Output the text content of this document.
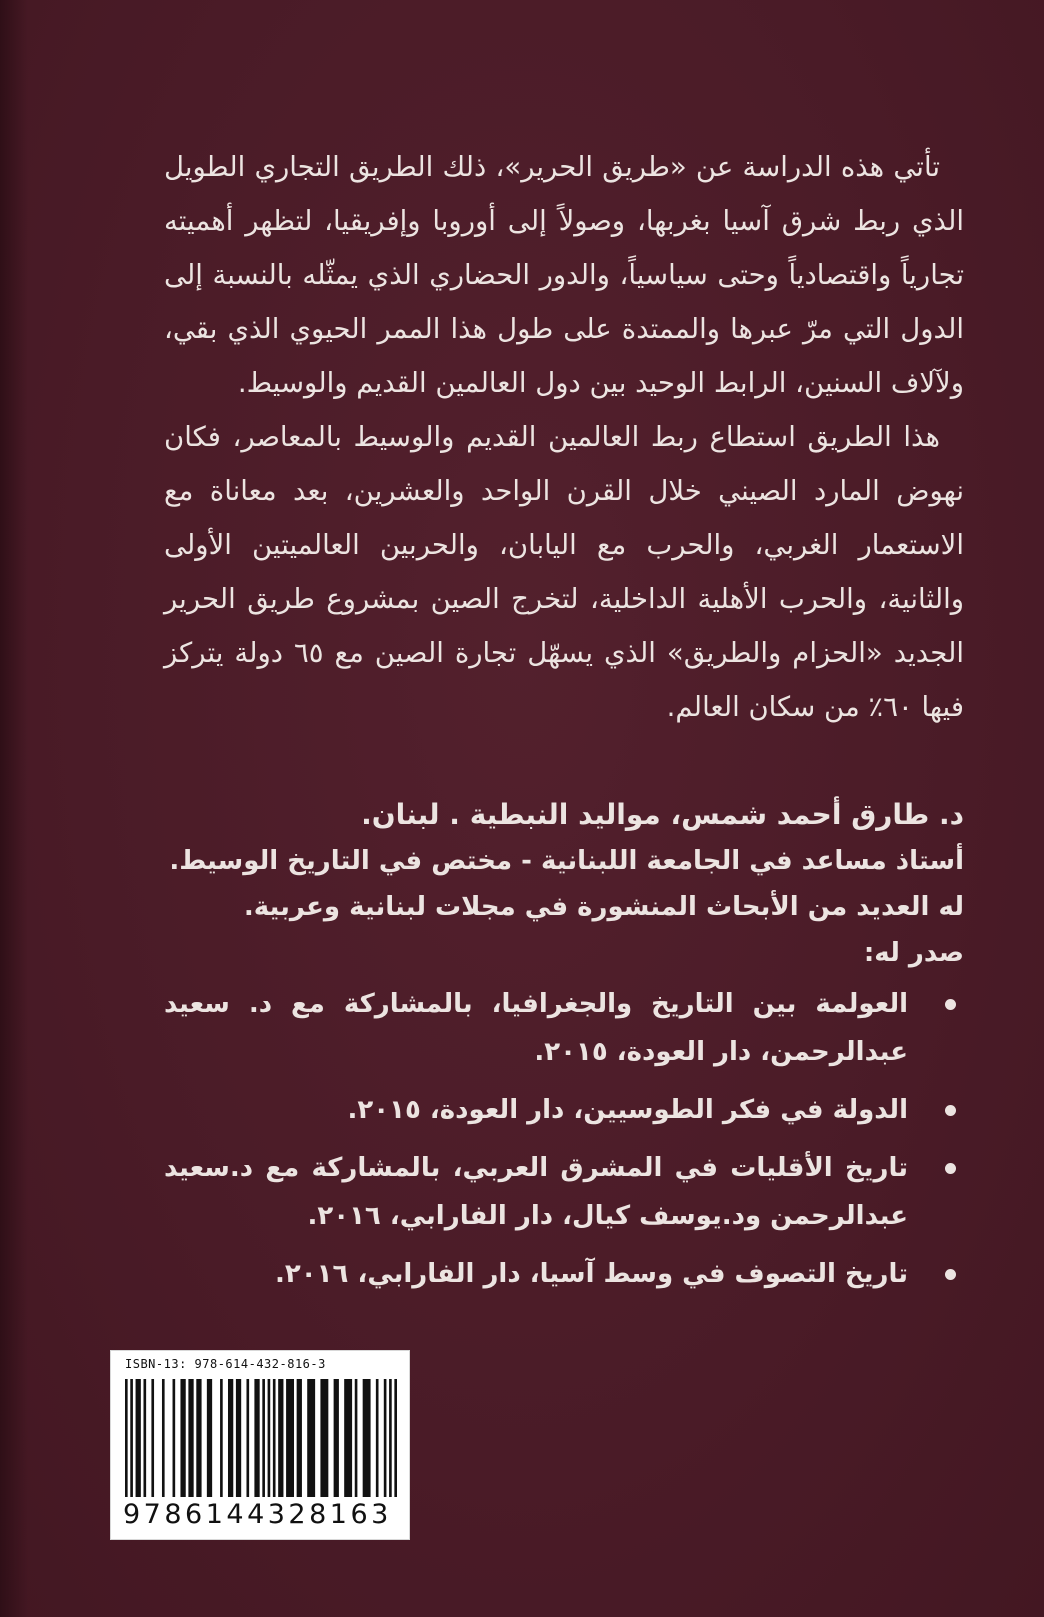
تأتي هذه الدراسة عن «طريق الحرير»، ذلك الطريق التجاري الطويل الذي ربط شرق آسيا بغربها، وصولاً إلى أوروبا وإفريقيا، لتظهر أهميته تجارياً واقتصادياً وحتى سياسياً، والدور الحضاري الذي يمثّله بالنسبة إلى الدول التي مرّ عبرها والممتدة على طول هذا الممر الحيوي الذي بقي، ولآلاف السنين، الرابط الوحيد بين دول العالمين القديم والوسيط.

هذا الطريق استطاع ربط العالمين القديم والوسيط بالمعاصر، فكان نهوض المارد الصيني خلال القرن الواحد والعشرين، بعد معاناة مع الاستعمار الغربي، والحرب مع اليابان، والحربين العالميتين الأولى والثانية، والحرب الأهلية الداخلية، لتخرج الصين بمشروع طريق الحرير الجديد «الحزام والطريق» الذي يسهّل تجارة الصين مع ٦٥ دولة يتركز فيها ٦٠٪ من سكان العالم.

د. طارق أحمد شمس، مواليد النبطية . لبنان.

أستاذ مساعد في الجامعة اللبنانية - مختص في التاريخ الوسيط.

له العديد من الأبحاث المنشورة في مجلات لبنانية وعربية.

صدر له:

العولمة بين التاريخ والجغرافيا، بالمشاركة مع د. سعيد عبدالرحمن، دار العودة، ٢٠١٥.
الدولة في فكر الطوسيين، دار العودة، ٢٠١٥.
تاريخ الأقليات في المشرق العربي، بالمشاركة مع د.سعيد عبدالرحمن ود.يوسف كيال، دار الفارابي، ٢٠١٦.
تاريخ التصوف في وسط آسيا، دار الفارابي، ٢٠١٦.
ISBN-13: 978-614-432-816-3
9786144328163
